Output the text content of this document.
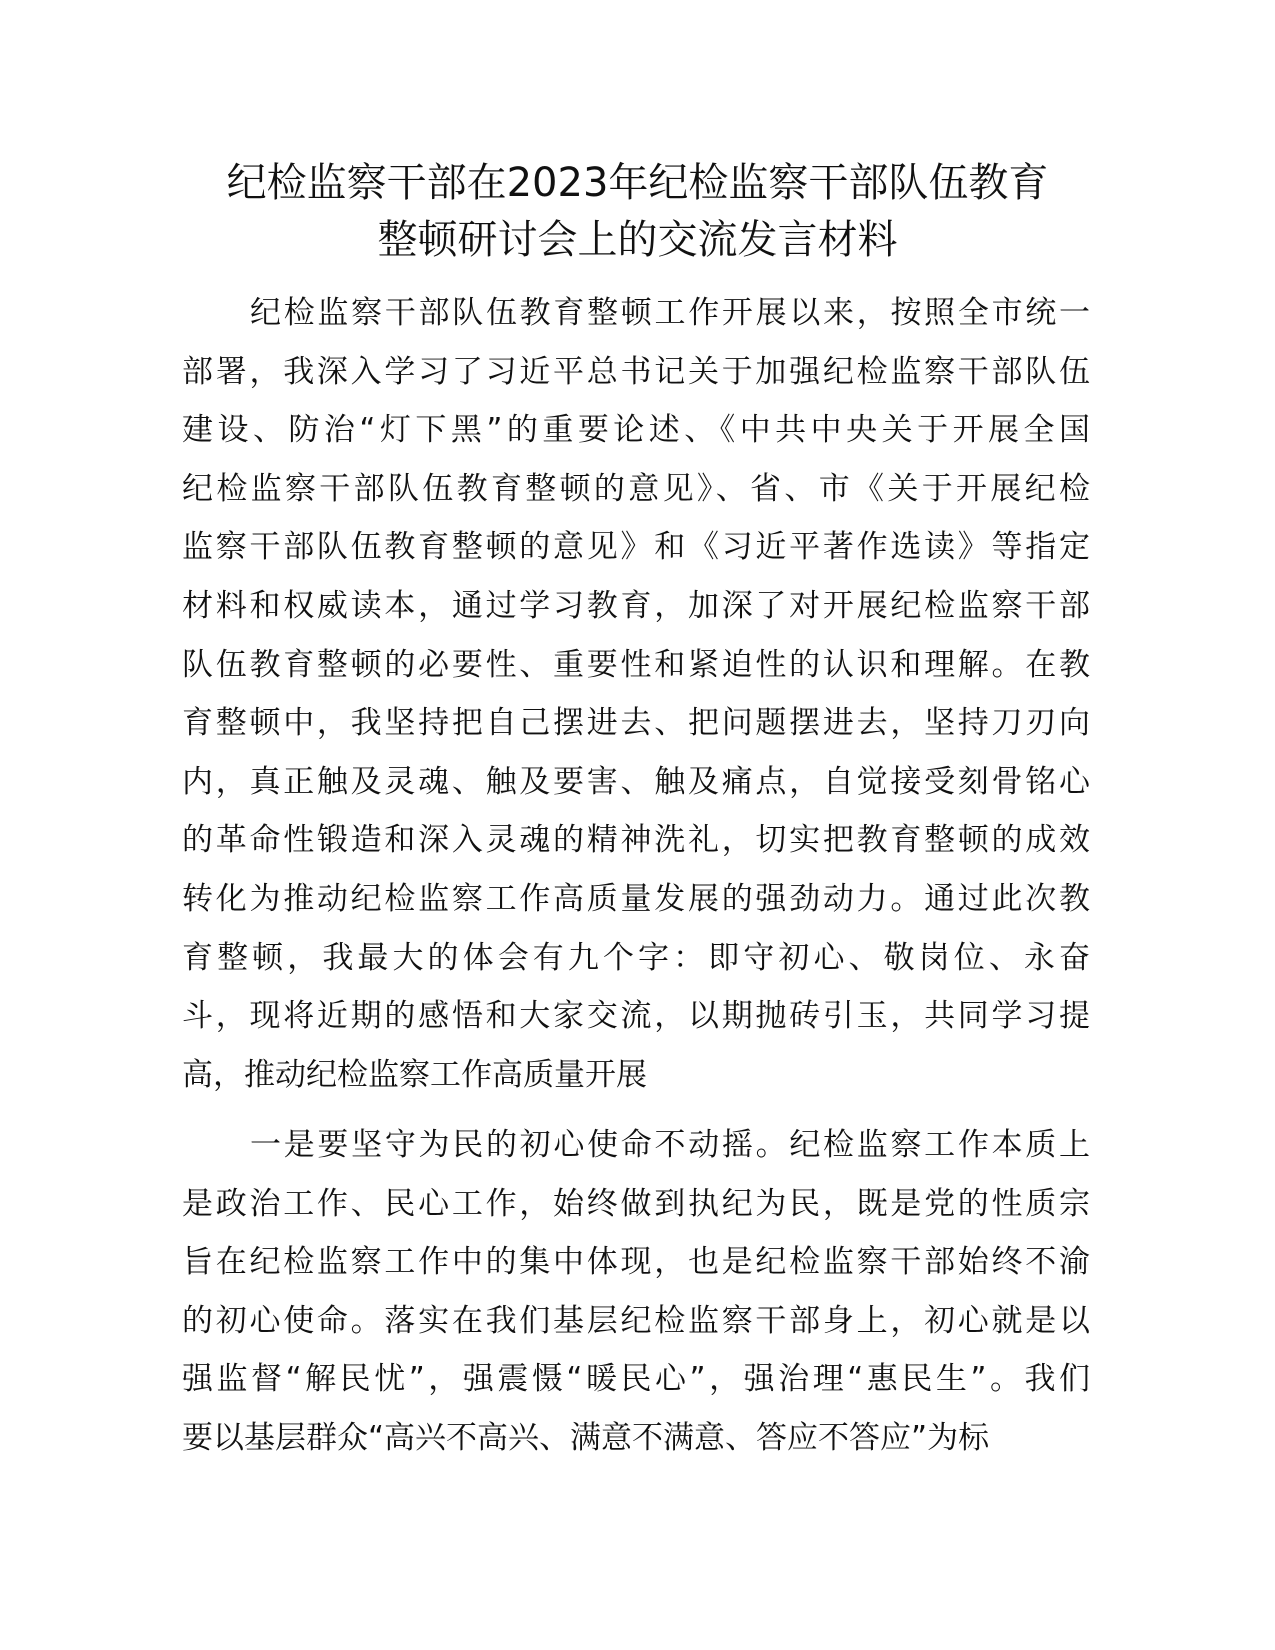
纪检监察干部在2023年纪检监察干部队伍教育
整顿研讨会上的交流发言材料
纪检监察干部队伍教育整顿工作开展以来，按照全市统一
部署，我深入学习了习近平总书记关于加强纪检监察干部队伍
建设、防治“灯下黑”的重要论述、《中共中央关于开展全国
纪检监察干部队伍教育整顿的意见》、省、市《关于开展纪检
监察干部队伍教育整顿的意见》和《习近平著作选读》等指定
材料和权威读本，通过学习教育，加深了对开展纪检监察干部
队伍教育整顿的必要性、重要性和紧迫性的认识和理解。在教
育整顿中，我坚持把自己摆进去、把问题摆进去，坚持刀刃向
内，真正触及灵魂、触及要害、触及痛点，自觉接受刻骨铭心
的革命性锻造和深入灵魂的精神洗礼，切实把教育整顿的成效
转化为推动纪检监察工作高质量发展的强劲动力。通过此次教
育整顿，我最大的体会有九个字：即守初心、敬岗位、永奋
斗，现将近期的感悟和大家交流，以期抛砖引玉，共同学习提
高，推动纪检监察工作高质量开展
一是要坚守为民的初心使命不动摇。纪检监察工作本质上
是政治工作、民心工作，始终做到执纪为民，既是党的性质宗
旨在纪检监察工作中的集中体现，也是纪检监察干部始终不渝
的初心使命。落实在我们基层纪检监察干部身上，初心就是以
强监督“解民忧”，强震慑“暖民心”，强治理“惠民生”。我们
要以基层群众“高兴不高兴、满意不满意、答应不答应”为标
